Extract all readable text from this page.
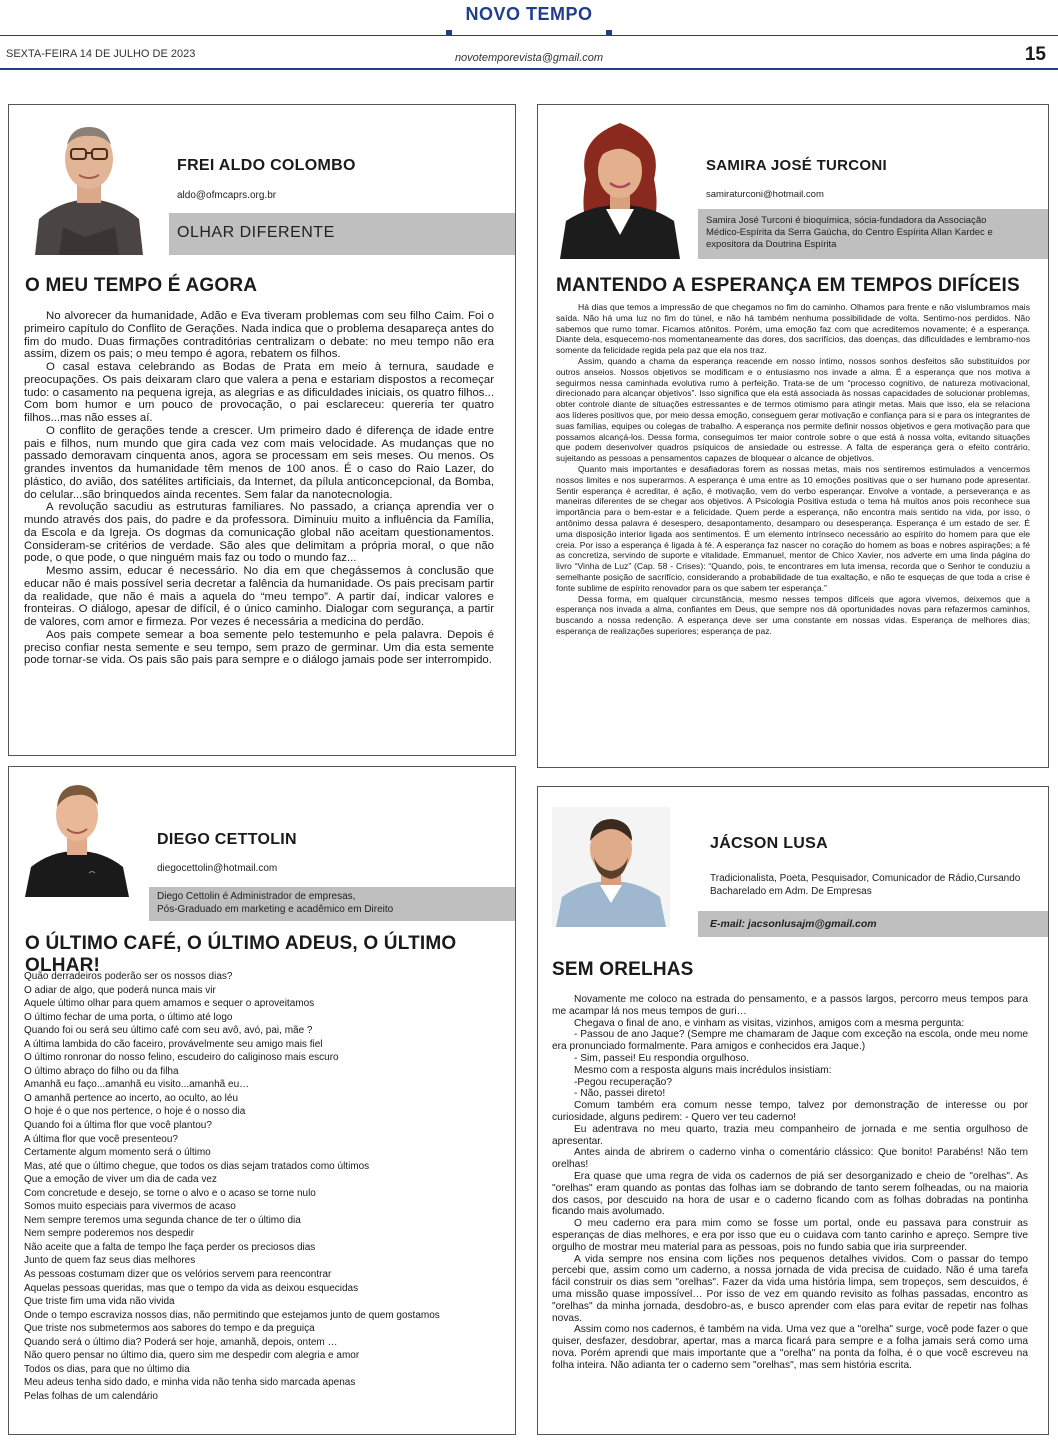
NOVO TEMPO
SEXTA-FEIRA 14 DE JULHO DE 2023	novotemporevista@gmail.com	15
FREI ALDO COLOMBO
aldo@ofmcaprs.org.br
OLHAR DIFERENTE
O MEU TEMPO É AGORA

No alvorecer da humanidade, Adão e Eva tiveram problemas com seu filho Caim. Foi o primeiro capítulo do Conflito de Gerações. Nada indica que o problema desapareça antes do fim do mudo. Duas firmações contraditórias centralizam o debate: no meu tempo não era assim, dizem os pais; o meu tempo é agora, rebatem os filhos.

O casal estava celebrando as Bodas de Prata em meio à ternura, saudade e preocupações. Os pais deixaram claro que valera a pena e estariam dispostos a recomeçar tudo: o casamento na pequena igreja, as alegrias e as dificuldades iniciais, os quatro filhos... Com bom humor e um pouco de provocação, o pai esclareceu: quereria ter quatro filhos...mas não esses aí.

O conflito de gerações tende a crescer. Um primeiro dado é diferença de idade entre pais e filhos, num mundo que gira cada vez com mais velocidade. As mudanças que no passado demoravam cinquenta anos, agora se processam em seis meses. Ou menos. Os grandes inventos da humanidade têm menos de 100 anos. É o caso do Raio Lazer, do plástico, do avião, dos satélites artificiais, da Internet, da pílula anticoncepcional, da Bomba, do celular...são brinquedos ainda recentes. Sem falar da nanotecnologia.

A revolução sacudiu as estruturas familiares. No passado, a criança aprendia ver o mundo através dos pais, do padre e da professora. Diminuiu muito a influência da Família, da Escola e da Igreja. Os dogmas da comunicação global não aceitam questionamentos. Consideram-se critérios de verdade. São ales que delimitam a própria moral, o que não pode, o que pode, o que ninguém mais faz ou todo o mundo faz...

Mesmo assim, educar é necessário. No dia em que chegássemos à conclusão que educar não é mais possível seria decretar a falência da humanidade. Os pais precisam partir da realidade, que não é mais a aquela do “meu tempo”. A partir daí, indicar valores e fronteiras. O diálogo, apesar de difícil, é o único caminho. Dialogar com segurança, a partir de valores, com amor e firmeza. Por vezes é necessária a medicina do perdão.

Aos pais compete semear a boa semente pelo testemunho e pela palavra. Depois é preciso confiar nesta semente e seu tempo, sem prazo de germinar. Um dia esta semente pode tornar-se vida. Os pais são pais para sempre e o diálogo jamais pode ser interrompido.

SAMIRA JOSÉ TURCONI
samiraturconi@hotmail.com
Samira José Turconi é bioquímica, sócia-fundadora da Associação Médico-Espírita da Serra Gaúcha, do Centro Espírita Allan Kardec e expositora da Doutrina Espírita
MANTENDO A ESPERANÇA EM TEMPOS DIFÍCEIS

Há dias que temos a impressão de que chegamos no fim do caminho. Olhamos para frente e não vislumbramos mais saída. Não há uma luz no fim do túnel, e não há também nenhuma possibilidade de volta. Sentimo-nos perdidos. Não sabemos que rumo tomar. Ficamos atônitos. Porém, uma emoção faz com que acreditemos novamente; é a esperança. Diante dela, esquecemo-nos momentaneamente das dores, dos sacrifícios, das doenças, das dificuldades e lembramo-nos somente da felicidade regida pela paz que ela nos traz.

Assim, quando a chama da esperança reacende em nosso íntimo, nossos sonhos desfeitos são substituídos por outros anseios. Nossos objetivos se modificam e o entusiasmo nos invade a alma. É a esperança que nos motiva a seguirmos nessa caminhada evolutiva rumo à perfeição. Trata-se de um “processo cognitivo, de natureza motivacional, direcionado para alcançar objetivos”. Isso significa que ela está associada às nossas capacidades de solucionar problemas, obter controle diante de situações estressantes e de termos otimismo para atingir metas. Mais que isso, ela se relaciona aos líderes positivos que, por meio dessa emoção, conseguem gerar motivação e confiança para si e para os integrantes de suas famílias, equipes ou colegas de trabalho. A esperança nos permite definir nossos objetivos e gera motivação para que possamos alcançá-los. Dessa forma, conseguimos ter maior controle sobre o que está à nossa volta, evitando situações que podem desenvolver quadros psíquicos de ansiedade ou estresse. A falta de esperança gera o efeito contrário, sujeitando as pessoas a pensamentos capazes de bloquear o alcance de objetivos.

Quanto mais importantes e desafiadoras forem as nossas metas, mais nos sentiremos estimulados a vencermos nossos limites e nos superarmos. A esperança é uma entre as 10 emoções positivas que o ser humano pode apresentar. Sentir esperança é acreditar, é ação, é motivação, vem do verbo esperançar. Envolve a vontade, a perseverança e as maneiras diferentes de se chegar aos objetivos. A Psicologia Positiva estuda o tema há muitos anos pois reconhece sua importância para o bem-estar e a felicidade. Quem perde a esperança, não encontra mais sentido na vida, por isso, o antônimo dessa palavra é desespero, desapontamento, desamparo ou desesperança. Esperança é um estado de ser. É uma disposição interior ligada aos sentimentos. É um elemento intrínseco necessário ao espírito do homem para que ele creia. Por isso a esperança é ligada à fé. A esperança faz nascer no coração do homem as boas e nobres aspirações; a fé as concretiza, servindo de suporte e vitalidade. Emmanuel, mentor de Chico Xavier, nos adverte em uma linda página do livro “Vinha de Luz” (Cap. 58 - Crises): “Quando, pois, te encontrares em luta imensa, recorda que o Senhor te conduziu a semelhante posição de sacrifício, considerando a probabilidade de tua exaltação, e não te esqueças de que toda a crise é fonte sublime de espírito renovador para os que sabem ter esperança.”

Dessa forma, em qualquer circunstância, mesmo nesses tempos difíceis que agora vivemos, deixemos que a esperança nos invada a alma, confiantes em Deus, que sempre nos dá oportunidades novas para refazermos caminhos, buscando a nossa redenção. A esperança deve ser uma constante em nossas vidas. Esperança de melhores dias; esperança de realizações superiores; esperança de paz.

DIEGO CETTOLIN
diegocettolin@hotmail.com
Diego Cettolin é Administrador de empresas,
Pós-Graduado em marketing e acadêmico em Direito
O ÚLTIMO CAFÉ, O ÚLTIMO ADEUS, O ÚLTIMO OLHAR!
Quão derradeiros poderão ser os nossos dias?
O adiar de algo, que poderá nunca mais vir
Aquele último olhar para quem amamos e sequer o aproveitamos
O último fechar de uma porta, o último até logo
Quando foi ou será seu último café com seu avô, avó, pai, mãe ?
A última lambida do cão faceiro, provávelmente seu amigo mais fiel
O último ronronar do nosso felino, escudeiro do caliginoso mais escuro
O último abraço do filho ou da filha
Amanhã eu faço...amanhã eu visito...amanhã eu…
O amanhã pertence ao incerto, ao oculto, ao léu
O hoje é o que nos pertence, o hoje é o nosso dia
Quando foi a última flor que você plantou?
A última flor que você presenteou?
Certamente algum momento será o último
Mas, até que o último chegue, que todos os dias sejam tratados como últimos
Que a emoção de viver um dia de cada vez
Com concretude e desejo, se torne o alvo e o acaso se torne nulo
Somos muito especiais para vivermos de acaso
Nem sempre teremos uma segunda chance de ter o último dia
Nem sempre poderemos nos despedir
Não aceite que a falta de tempo lhe faça perder os preciosos dias
Junto de quem faz seus dias melhores
As pessoas costumam dizer que os velórios servem para reencontrar
Aquelas pessoas queridas, mas que o tempo da vida as deixou esquecidas
Que triste fim uma vida não vivida
Onde o tempo escraviza nossos dias, não permitindo que estejamos junto de quem gostamos
Que triste nos submetermos aos sabores do tempo e da preguiça
Quando será o último dia? Poderá ser hoje, amanhã, depois, ontem …
Não quero pensar no último dia, quero sim me despedir com alegria e amor
Todos os dias, para que no último dia
Meu adeus tenha sido dado, e minha vida não tenha sido marcada apenas
Pelas folhas de um calendário
JÁCSON LUSA
Tradicionalista, Poeta, Pesquisador, Comunicador de Rádio,Cursando
Bacharelado em Adm. De Empresas
E-mail: jacsonlusajm@gmail.com
SEM ORELHAS

Novamente me coloco na estrada do pensamento, e a passos largos, percorro meus tempos para me acampar lá nos meus tempos de guri…

Chegava o final de ano, e vinham as visitas, vizinhos, amigos com a mesma pergunta:

- Passou de ano Jaque? (Sempre me chamaram de Jaque com exceção na escola, onde meu nome era pronunciado formalmente. Para amigos e conhecidos era Jaque.)

- Sim, passei! Eu respondia orgulhoso.

Mesmo com a resposta alguns mais incrédulos insistiam:

-Pegou recuperação?

- Não, passei direto!

Comum também era comum nesse tempo, talvez por demonstração de interesse ou por curiosidade, alguns pedirem: - Quero ver teu caderno!

Eu adentrava no meu quarto, trazia meu companheiro de jornada e me sentia orgulhoso de apresentar.

Antes ainda de abrirem o caderno vinha o comentário clássico: Que bonito! Parabéns! Não tem orelhas!

Era quase que uma regra de vida os cadernos de piá ser desorganizado e cheio de "orelhas". As "orelhas" eram quando as pontas das folhas iam se dobrando de tanto serem folheadas, ou na maioria dos casos, por descuido na hora de usar e o caderno ficando com as folhas dobradas na pontinha ficando mais avolumado.

O meu caderno era para mim como se fosse um portal, onde eu passava para construir as esperanças de dias melhores, e era por isso que eu o cuidava com tanto carinho e apreço. Sempre tive orgulho de mostrar meu material para as pessoas, pois no fundo sabia que iria surpreender.

A vida sempre nos ensina com lições nos pequenos detalhes vividos. Com o passar do tempo percebi que, assim como um caderno, a nossa jornada de vida precisa de cuidado. Não é uma tarefa fácil construir os dias sem "orelhas". Fazer da vida uma história limpa, sem tropeços, sem descuidos, é uma missão quase impossível… Por isso de vez em quando revisito as folhas passadas, encontro as "orelhas" da minha jornada, desdobro-as, e busco aprender com elas para evitar de repetir nas folhas novas.

Assim como nos cadernos, é também na vida. Uma vez que a "orelha" surge, você pode fazer o que quiser, desfazer, desdobrar, apertar, mas a marca ficará para sempre e a folha jamais será como uma nova. Porém aprendi que mais importante que a "orelha" na ponta da folha, é o que você escreveu na folha inteira. Não adianta ter o caderno sem "orelhas", mas sem história escrita.
